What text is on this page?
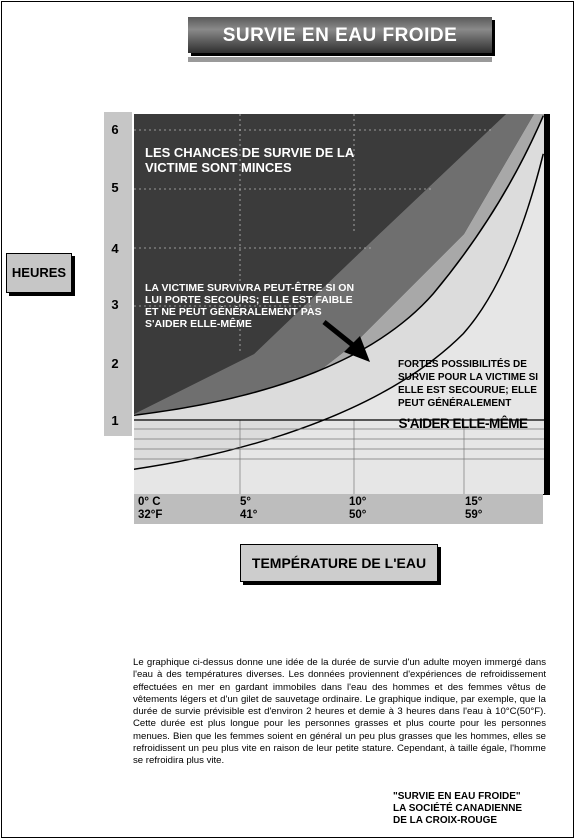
SURVIE EN EAU FROIDE
6
5
4
3
2
1
HEURES
LES CHANCES DE SURVIE DE LA VICTIME SONT MINCES
LA VICTIME SURVIVRA PEUT-ÊTRE SI ON LUI PORTE SECOURS; ELLE EST FAIBLE ET NE PEUT GÉNÉRALEMENT PAS S'AIDER ELLE-MÊME
FORTES POSSIBILITÉS DE SURVIE POUR LA VICTIME SI ELLE EST SECOURUE; ELLE PEUT GÉNÉRALEMENT
S'AIDER ELLE-MÊME
0° C
32°F
5°
41°
10°
50°
15°
59°
TEMPÉRATURE DE L'EAU
Le graphique ci-dessus donne une idée de la durée de survie d'un adulte moyen immergé dans l'eau à des températures diverses. Les données proviennent d'expériences de refroidissement effectuées en mer en gardant immobiles dans l'eau des hommes et des femmes vêtus de vêtements légers et d'un gilet de sauvetage ordinaire. Le graphique indique, par exemple, que la durée de survie prévisible est d'environ 2 heures et demie à 3 heures dans l'eau à 10°C(50°F). Cette durée est plus longue pour les personnes grasses et plus courte pour les personnes menues. Bien que les femmes soient en général un peu plus grasses que les hommes, elles se refroidissent un peu plus vite en raison de leur petite stature. Cependant, à taille égale, l'homme se refroidira plus vite.
"SURVIE EN EAU FROIDE"
LA SOCIÉTÉ CANADIENNE
DE LA CROIX-ROUGE
